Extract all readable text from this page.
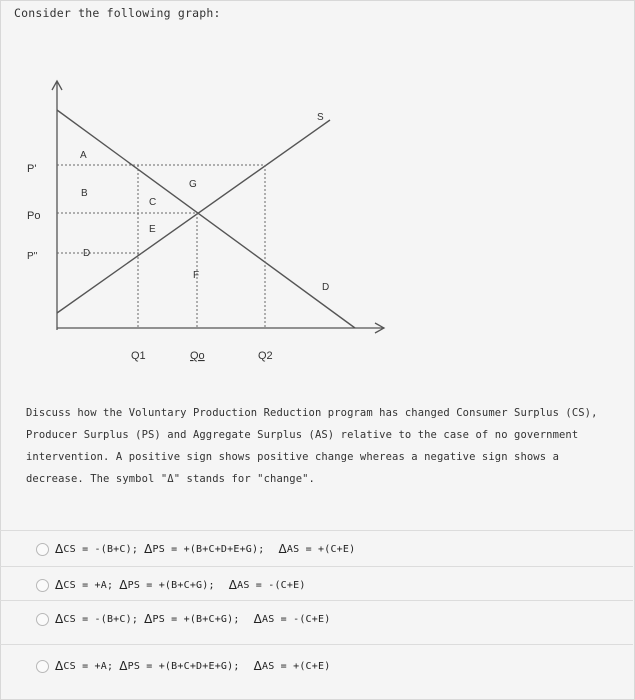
Consider the following graph:
P'
Po
P''
Q1	Qo	Q2
S
D
A
B
C
G
E
D
F
Discuss how the Voluntary Production Reduction program has changed Consumer Surplus (CS), Producer Surplus (PS) and Aggregate Surplus (AS) relative to the case of no government intervention. A positive sign shows positive change whereas a negative sign shows a decrease. The symbol "Δ" stands for "change".
Δ CS = -(B+C); Δ PS = +(B+C+D+E+G); Δ AS = +(C+E)
Δ CS = +A; Δ PS = +(B+C+G); Δ AS = -(C+E)
Δ CS = -(B+C); Δ PS = +(B+C+G); Δ AS = -(C+E)
Δ CS = +A; Δ PS = +(B+C+D+E+G); Δ AS = +(C+E)
